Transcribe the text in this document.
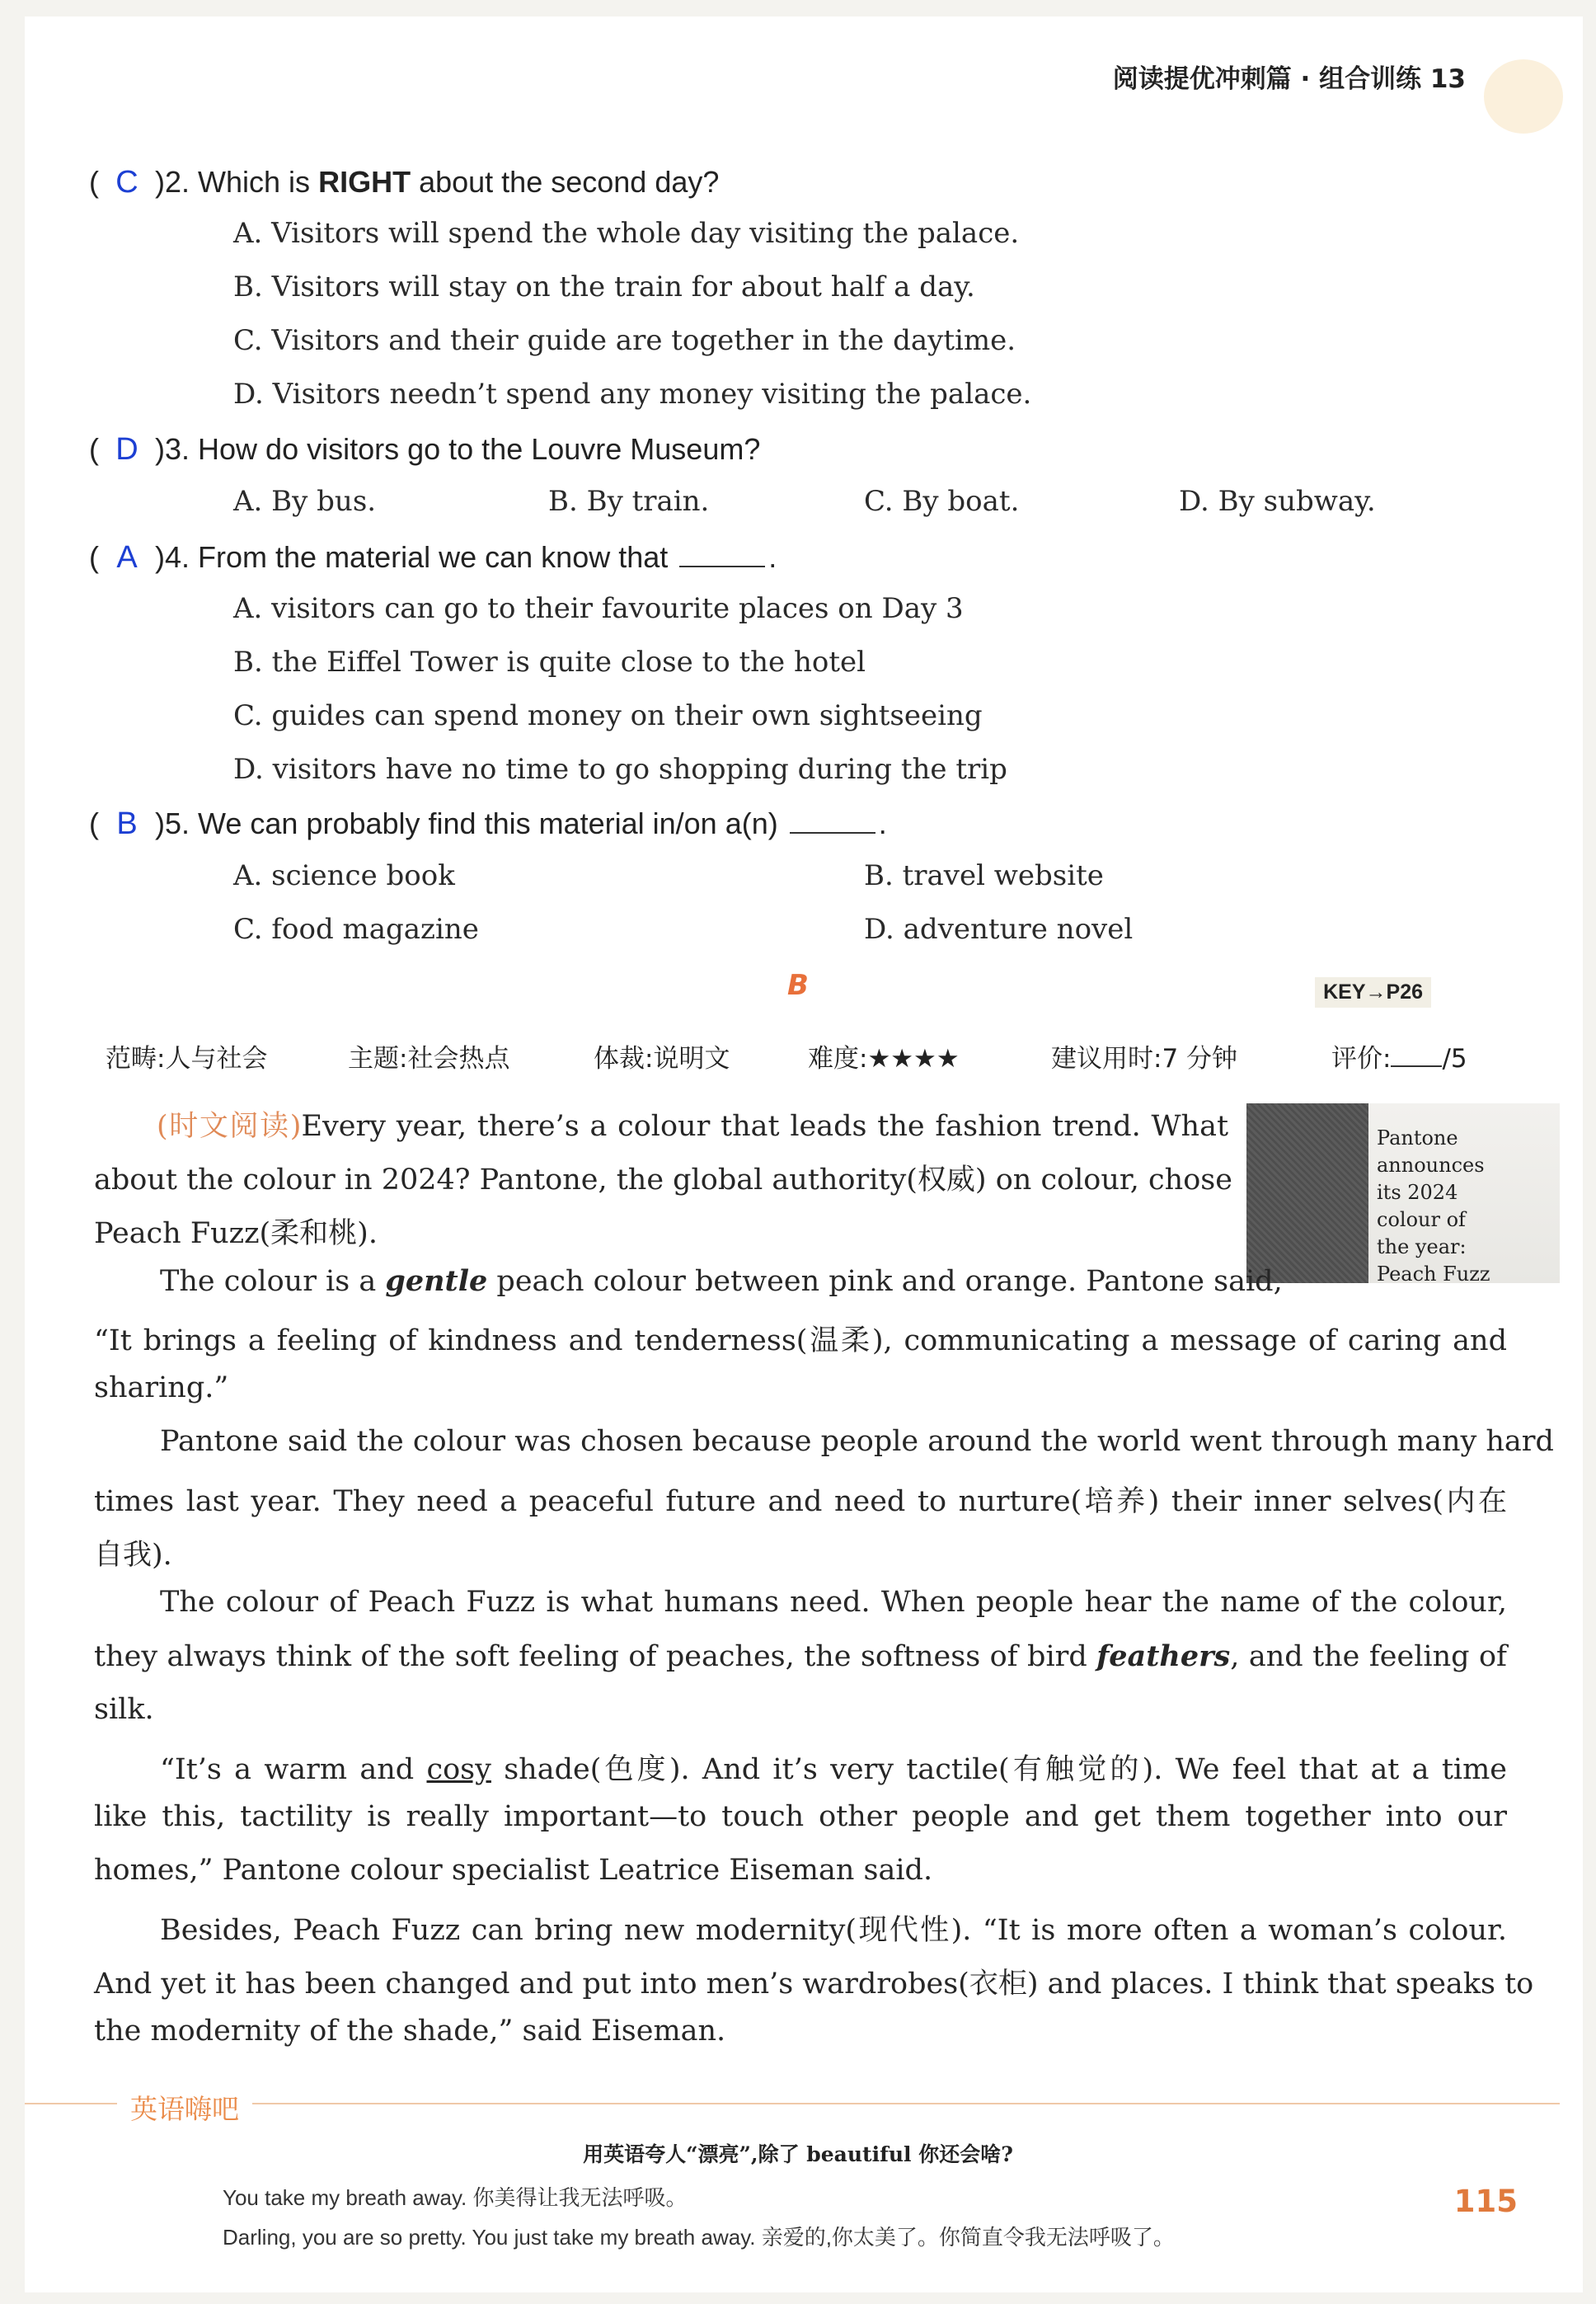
阅读提优冲刺篇 · 组合训练 13
( C )2. Which is RIGHT about the second day?
A. Visitors will spend the whole day visiting the palace.
B. Visitors will stay on the train for about half a day.
C. Visitors and their guide are together in the daytime.
D. Visitors needn’t spend any money visiting the palace.
( D )3. How do visitors go to the Louvre Museum?
A. By bus.	B. By train.	C. By boat.	D. By subway.
( A )4. From the material we can know that	.
A. visitors can go to their favourite places on Day 3
B. the Eiffel Tower is quite close to the hotel
C. guides can spend money on their own sightseeing
D. visitors have no time to go shopping during the trip
( B )5. We can probably find this material in/on a(n)	.
A. science book	B. travel website
C. food magazine	D. adventure novel
B	KEY→P26
范畴:人与社会	主题:社会热点	体裁:说明文	难度:★★★★	建议用时:7 分钟	评价: /5
Pantone announces its 2024 colour of the year: Peach Fuzz
(时文阅读)Every year, there’s a colour that leads the fashion trend. What
about the colour in 2024? Pantone, the global authority(权威) on colour, chose
Peach Fuzz(柔和桃).
The colour is a gentle peach colour between pink and orange. Pantone said,
“It brings a feeling of kindness and tenderness(温柔), communicating a message of caring and
sharing.”
Pantone said the colour was chosen because people around the world went through many hard
times last year. They need a peaceful future and need to nurture(培养) their inner selves(内在
自我).
The colour of Peach Fuzz is what humans need. When people hear the name of the colour,
they always think of the soft feeling of peaches, the softness of bird feathers, and the feeling of
silk.
“It’s a warm and cosy shade(色度). And it’s very tactile(有触觉的). We feel that at a time
like this, tactility is really important—to touch other people and get them together into our
homes,” Pantone colour specialist Leatrice Eiseman said.
Besides, Peach Fuzz can bring new modernity(现代性). “It is more often a woman’s colour.
And yet it has been changed and put into men’s wardrobes(衣柜) and places. I think that speaks to
the modernity of the shade,” said Eiseman.
英语嗨吧
用英语夸人“漂亮”,除了 beautiful 你还会啥?
You take my breath away. 你美得让我无法呼吸。
Darling, you are so pretty. You just take my breath away. 亲爱的,你太美了。你简直令我无法呼吸了。
115
